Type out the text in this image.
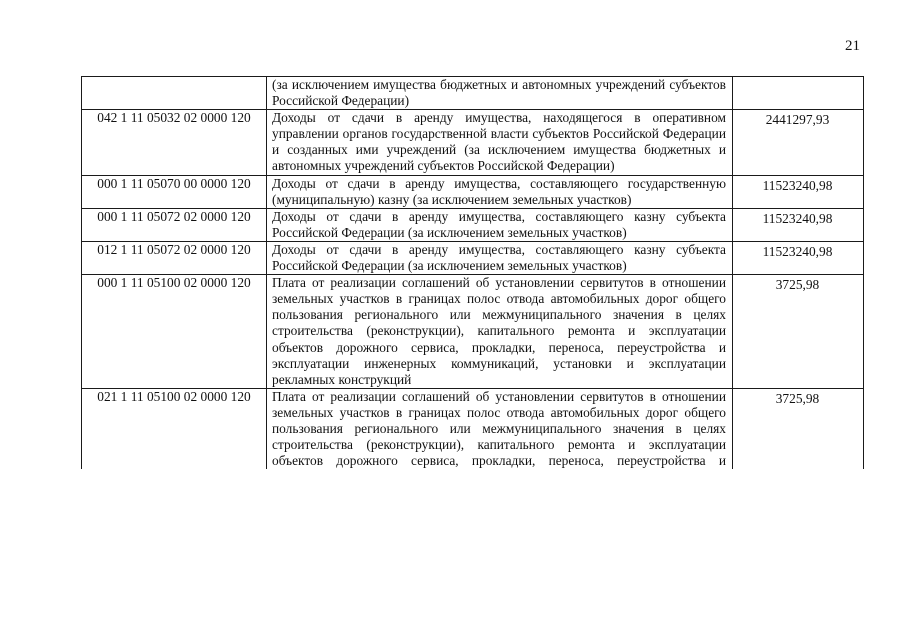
21
	(за исключением имущества бюджетных и автономных учреждений субъектов Российской Федерации)	
042 1 11 05032 02 0000 120	Доходы от сдачи в аренду имущества, находящегося в оперативном управлении органов государственной власти субъектов Российской Федерации и созданных ими учреждений (за исключением имущества бюджетных и автономных учреждений субъектов Российской Федерации)	2441297,93
000 1 11 05070 00 0000 120	Доходы от сдачи в аренду имущества, составляющего государственную (муниципальную) казну (за исключением земельных участков)	11523240,98
000 1 11 05072 02 0000 120	Доходы от сдачи в аренду имущества, составляющего казну субъекта Российской Федерации (за исключением земельных участков)	11523240,98
012 1 11 05072 02 0000 120	Доходы от сдачи в аренду имущества, составляющего казну субъекта Российской Федерации (за исключением земельных участков)	11523240,98
000 1 11 05100 02 0000 120	Плата от реализации соглашений об установлении сервитутов в отношении земельных участков в границах полос отвода автомобильных дорог общего пользования регионального или межмуниципального значения в целях строительства (реконструкции), капитального ремонта и эксплуатации объектов дорожного сервиса, прокладки, переноса, переустройства и эксплуатации инженерных коммуникаций, установки и эксплуатации рекламных конструкций	3725,98
021 1 11 05100 02 0000 120	Плата от реализации соглашений об установлении сервитутов в отношении земельных участков в границах полос отвода автомобильных дорог общего пользования регионального или межмуниципального значения в целях строительства (реконструкции), капитального ремонта и эксплуатации объектов дорожного сервиса, прокладки, переноса, переустройства и	3725,98
